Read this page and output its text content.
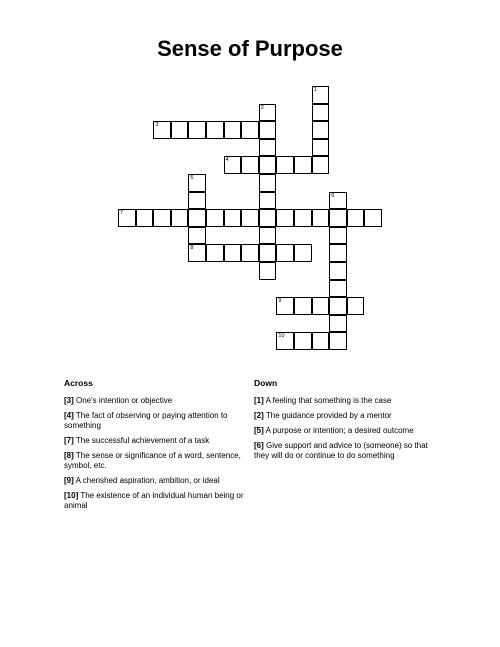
Sense of Purpose
1
2
3
4
5
8
6
7
9
10
Across
[3] One's intention or objective
[4] The fact of observing or paying attention to something
[7] The successful achievement of a task
[8] The sense or significance of a word, sentence, symbol, etc.
[9] A cherished aspiration, ambition, or ideal
[10] The existence of an individual human being or animal
Down
[1] A feeling that something is the case
[2] The guidance provided by a mentor
[5] A purpose or intention; a desired outcome
[6] Give support and advice to (someone) so that they will do or continue to do something
